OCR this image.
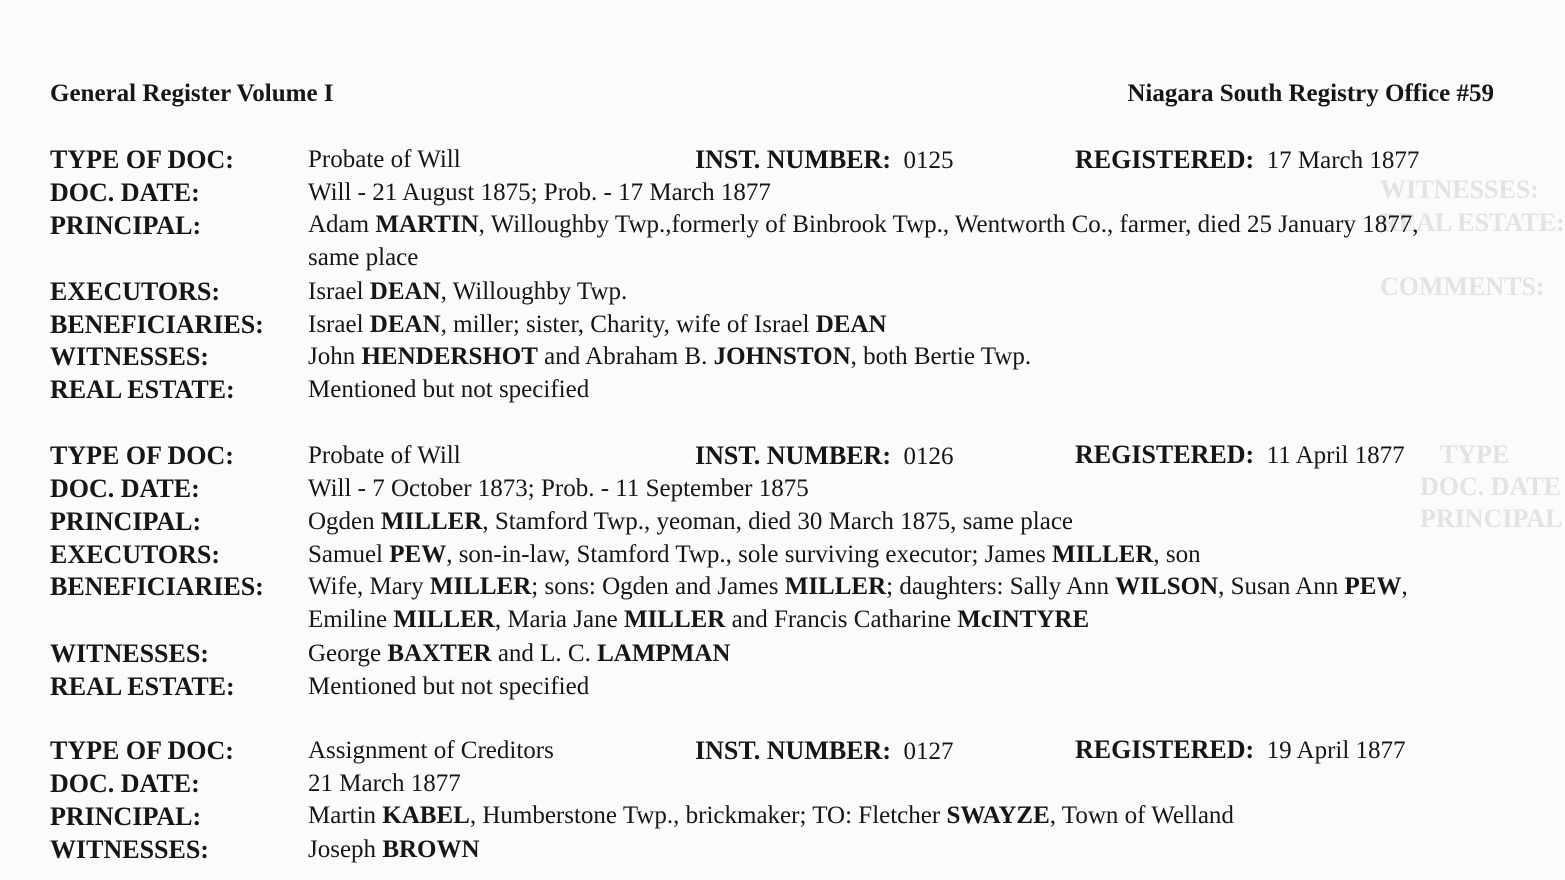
WITNESSES:
REAL ESTATE:
COMMENTS:
TYPE
DOC. DATE
PRINCIPAL
General Register Volume I	Niagara South Registry Office #59
TYPE OF DOC:	Probate of Will	INST. NUMBER: 0125	REGISTERED: 17 March 1877
DOC. DATE:	Will - 21 August 1875; Prob. - 17 March 1877
PRINCIPAL:	Adam MARTIN, Willoughby Twp.,formerly of Binbrook Twp., Wentworth Co., farmer, died 25 January 1877, same place
EXECUTORS:	Israel DEAN, Willoughby Twp.
BENEFICIARIES: Israel DEAN, miller; sister, Charity, wife of Israel DEAN
WITNESSES:	John HENDERSHOT and Abraham B. JOHNSTON, both Bertie Twp.
REAL ESTATE:	Mentioned but not specified
TYPE OF DOC:	Probate of Will	INST. NUMBER: 0126	REGISTERED: 11 April 1877
DOC. DATE:	Will - 7 October 1873; Prob. - 11 September 1875
PRINCIPAL:	Ogden MILLER, Stamford Twp., yeoman, died 30 March 1875, same place
EXECUTORS:	Samuel PEW, son-in-law, Stamford Twp., sole surviving executor; James MILLER, son
BENEFICIARIES: Wife, Mary MILLER; sons: Ogden and James MILLER; daughters: Sally Ann WILSON, Susan Ann PEW, Emiline MILLER, Maria Jane MILLER and Francis Catharine McINTYRE
WITNESSES:	George BAXTER and L. C. LAMPMAN
REAL ESTATE:	Mentioned but not specified
TYPE OF DOC:	Assignment of Creditors	INST. NUMBER: 0127	REGISTERED: 19 April 1877
DOC. DATE:	21 March 1877
PRINCIPAL:	Martin KABEL, Humberstone Twp., brickmaker; TO: Fletcher SWAYZE, Town of Welland
WITNESSES:	Joseph BROWN
